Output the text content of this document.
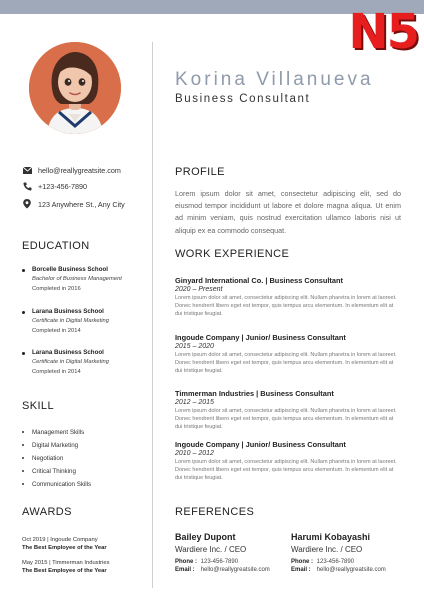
N5
Korina Villanueva
Business Consultant
hello@reallygreatsite.com
+123-456-7890
123 Anywhere St., Any City
EDUCATION
Borcelle Business School
Bachelor of Business Management
Completed in 2016
Larana Business School
Certificate in Digital Marketing
Completed in 2014
Larana Business School
Certificate in Digital Marketing
Completed in 2014
SKILL
Management Skills
Digital Marketing
Negotiation
Critical Thinking
Communication Skills
AWARDS
Oct 2019 | Ingoude Company
The Best Employee of the Year
May 2015 | Timmerman Industries
The Best Employee of the Year
PROFILE
Lorem ipsum dolor sit amet, consectetur adipiscing elit, sed do eiusmod tempor incididunt ut labore et dolore magna aliqua. Ut enim ad minim veniam, quis nostrud exercitation ullamco laboris nisi ut aliquip ex ea commodo consequat.
WORK EXPERIENCE
Ginyard International Co. | Business Consultant
2020 – Present
Lorem ipsum dolor sit amet, consectetur adipiscing elit. Nullam pharetra in lorem at laoreet. Donec hendrerit libero eget est tempor, quis tempus arcu elementum. In elementum elit at dui tristique feugiat.
Ingoude Company | Junior/ Business Consultant
2015 – 2020
Lorem ipsum dolor sit amet, consectetur adipiscing elit. Nullam pharetra in lorem at laoreet. Donec hendrerit libero eget est tempor, quis tempus arcu elementum. In elementum elit at dui tristique feugiat.
Timmerman Industries | Business Consultant
2012 – 2015
Lorem ipsum dolor sit amet, consectetur adipiscing elit. Nullam pharetra in lorem at laoreet. Donec hendrerit libero eget est tempor, quis tempus arcu elementum. In elementum elit at dui tristique feugiat.
Ingoude Company | Junior/ Business Consultant
2010 – 2012
Lorem ipsum dolor sit amet, consectetur adipiscing elit. Nullam pharetra in lorem at laoreet. Donec hendrerit libero eget est tempor, quis tempus arcu elementum. In elementum elit at dui tristique feugiat.
REFERENCES
Bailey Dupont
Wardiere Inc. / CEO
Phone : 123-456-7890
Email : hello@reallygreatsite.com
Harumi Kobayashi
Wardiere Inc. / CEO
Phone : 123-456-7890
Email : hello@reallygreatsite.com
